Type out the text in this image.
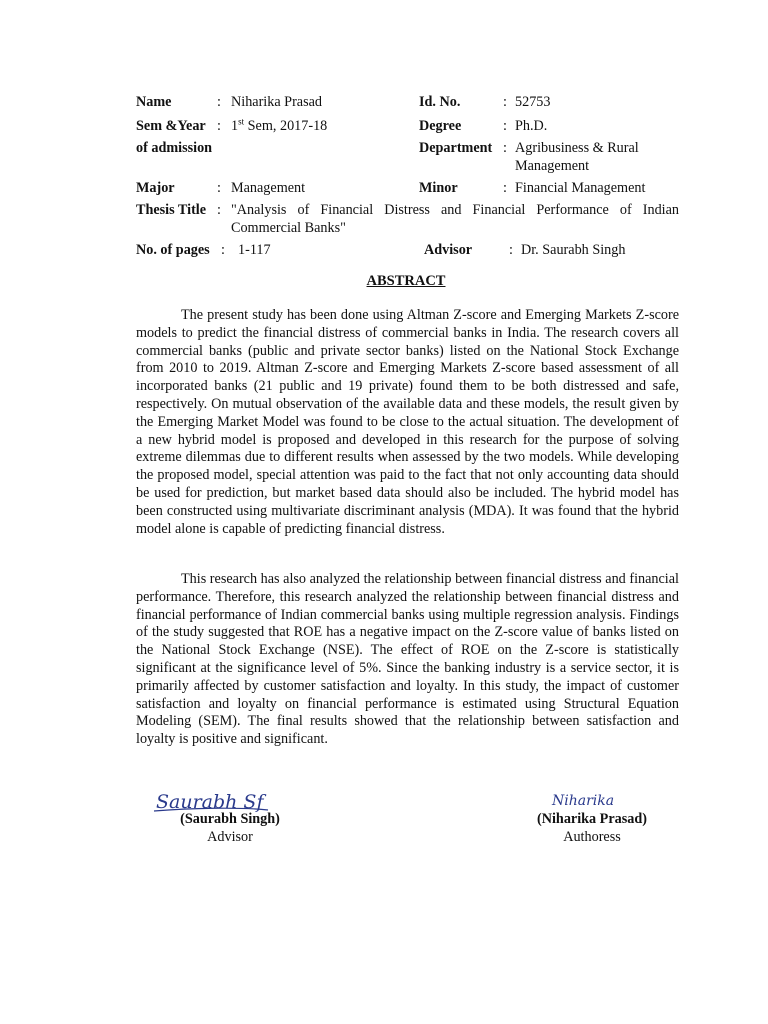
Name	: Niharika Prasad	Id. No.	: 52753
Sem &Year : 1st Sem, 2017-18	Degree	: Ph.D.
of admission	Department : Agribusiness & Rural
Management
Major	: Management	Minor	: Financial Management
Thesis Title : "Analysis of Financial Distress and Financial Performance of Indian
Commercial Banks"
No. of pages : 1-117	Advisor	: Dr. Saurabh Singh
ABSTRACT
The present study has been done using Altman Z-score and Emerging Markets Z-score models to predict the financial distress of commercial banks in India. The research covers all commercial banks (public and private sector banks) listed on the National Stock Exchange from 2010 to 2019. Altman Z-score and Emerging Markets Z-score based assessment of all incorporated banks (21 public and 19 private) found them to be both distressed and safe, respectively. On mutual observation of the available data and these models, the result given by the Emerging Market Model was found to be close to the actual situation. The development of a new hybrid model is proposed and developed in this research for the purpose of solving extreme dilemmas due to different results when assessed by the two models. While developing the proposed model, special attention was paid to the fact that not only accounting data should be used for prediction, but market based data should also be included. The hybrid model has been constructed using multivariate discriminant analysis (MDA). It was found that the hybrid model alone is capable of predicting financial distress.
This research has also analyzed the relationship between financial distress and financial performance. Therefore, this research analyzed the relationship between financial distress and financial performance of Indian commercial banks using multiple regression analysis. Findings of the study suggested that ROE has a negative impact on the Z-score value of banks listed on the National Stock Exchange (NSE). The effect of ROE on the Z-score is statistically significant at the significance level of 5%. Since the banking industry is a service sector, it is primarily affected by customer satisfaction and loyalty. In this study, the impact of customer satisfaction and loyalty on financial performance is estimated using Structural Equation Modeling (SEM). The final results showed that the relationship between satisfaction and loyalty is positive and significant.
Saurabh Sf
(Saurabh Singh)
Advisor
Niharika
(Niharika Prasad)
Authoress
